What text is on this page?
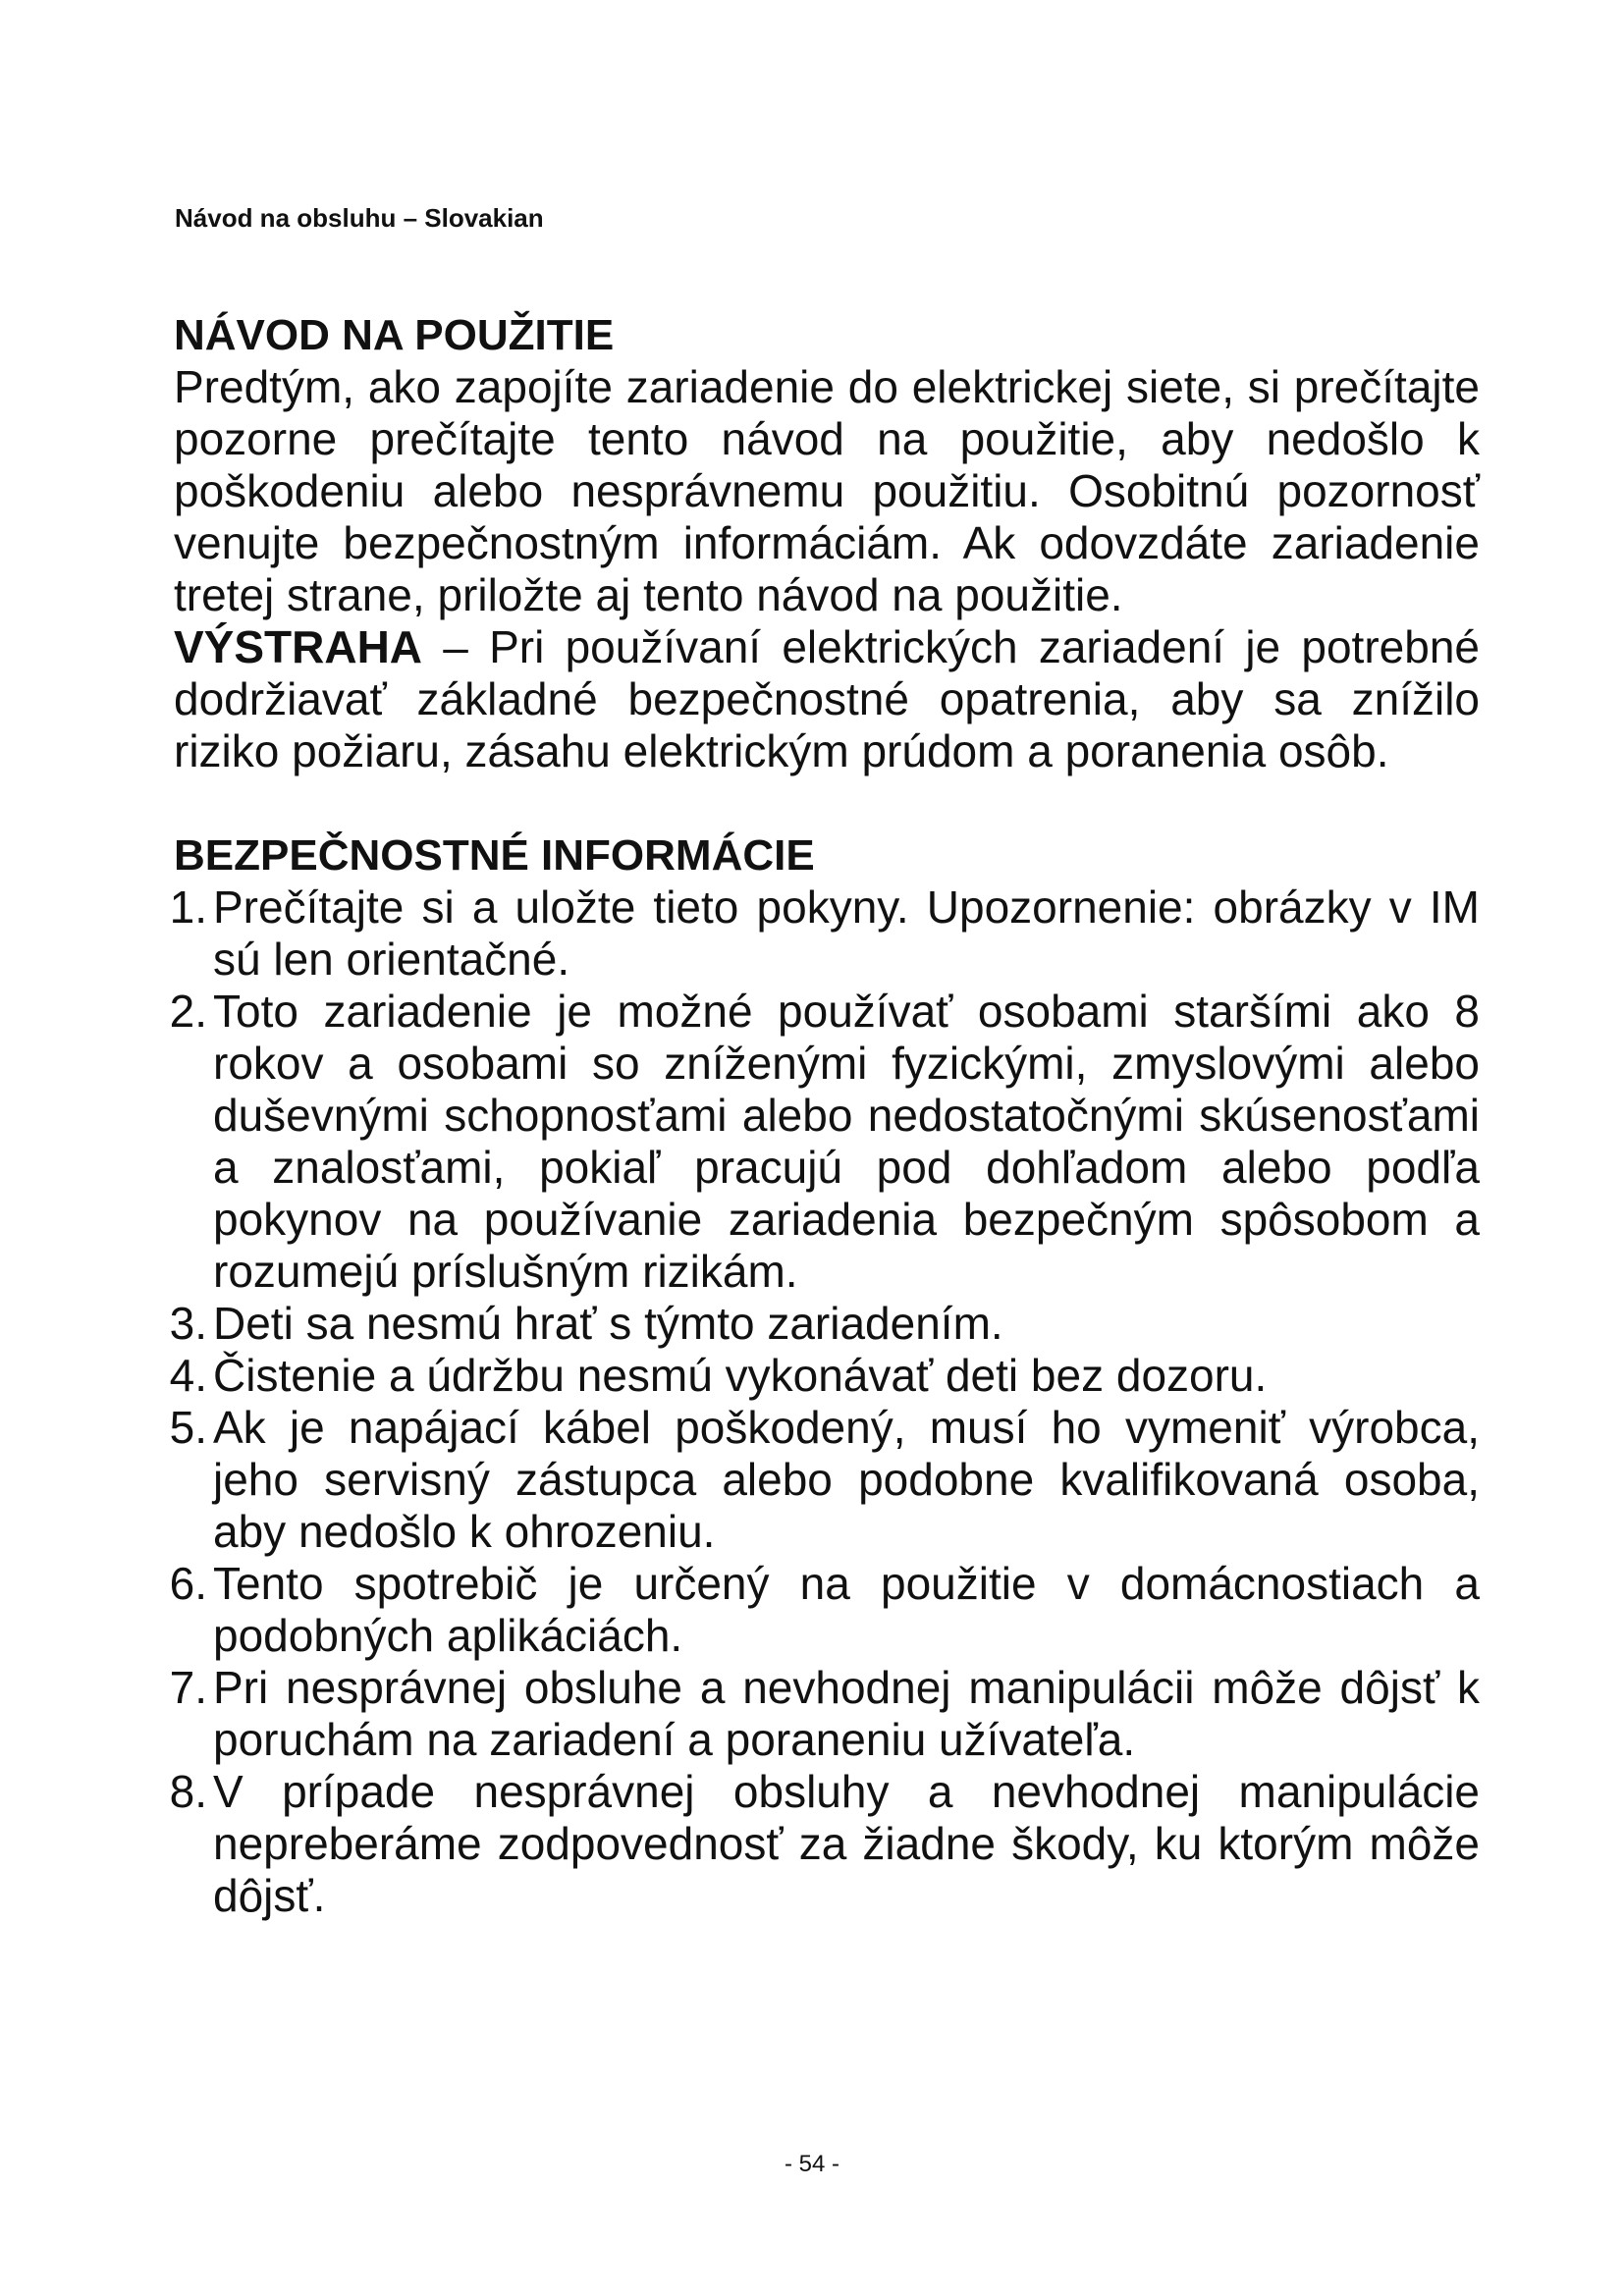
Návod na obsluhu – Slovakian
NÁVOD NA POUŽITIE

Predtým, ako zapojíte zariadenie do elektrickej siete, si prečítajte pozorne prečítajte tento návod na použitie, aby nedošlo k poškodeniu alebo nesprávnemu použitiu. Osobitnú pozornosť venujte bezpečnostným informáciám. Ak odovzdáte zariadenie tretej strane, priložte aj tento návod na použitie.

VÝSTRAHA – Pri používaní elektrických zariadení je potrebné dodržiavať základné bezpečnostné opatrenia, aby sa znížilo riziko požiaru, zásahu elektrickým prúdom a poranenia osôb.

BEZPEČNOSTNÉ INFORMÁCIE
1. Prečítajte si a uložte tieto pokyny. Upozornenie: obrázky v IM sú len orientačné.
2. Toto zariadenie je možné používať osobami staršími ako 8 rokov a osobami so zníženými fyzickými, zmyslovými alebo duševnými schopnosťami alebo nedostatočnými skúsenosťami a znalosťami, pokiaľ pracujú pod dohľadom alebo podľa pokynov na používanie zariadenia bezpečným spôsobom a rozumejú príslušným rizikám.
3. Deti sa nesmú hrať s týmto zariadením.
4. Čistenie a údržbu nesmú vykonávať deti bez dozoru.
5. Ak je napájací kábel poškodený, musí ho vymeniť výrobca, jeho servisný zástupca alebo podobne kvalifikovaná osoba, aby nedošlo k ohrozeniu.
6. Tento spotrebič je určený na použitie v domácnostiach a podobných aplikáciách.
7. Pri nesprávnej obsluhe a nevhodnej manipulácii môže dôjsť k poruchám na zariadení a poraneniu užívateľa.
8. V prípade nesprávnej obsluhy a nevhodnej manipulácie nepreberáme zodpovednosť za žiadne škody, ku ktorým môže dôjsť.
- 54 -
